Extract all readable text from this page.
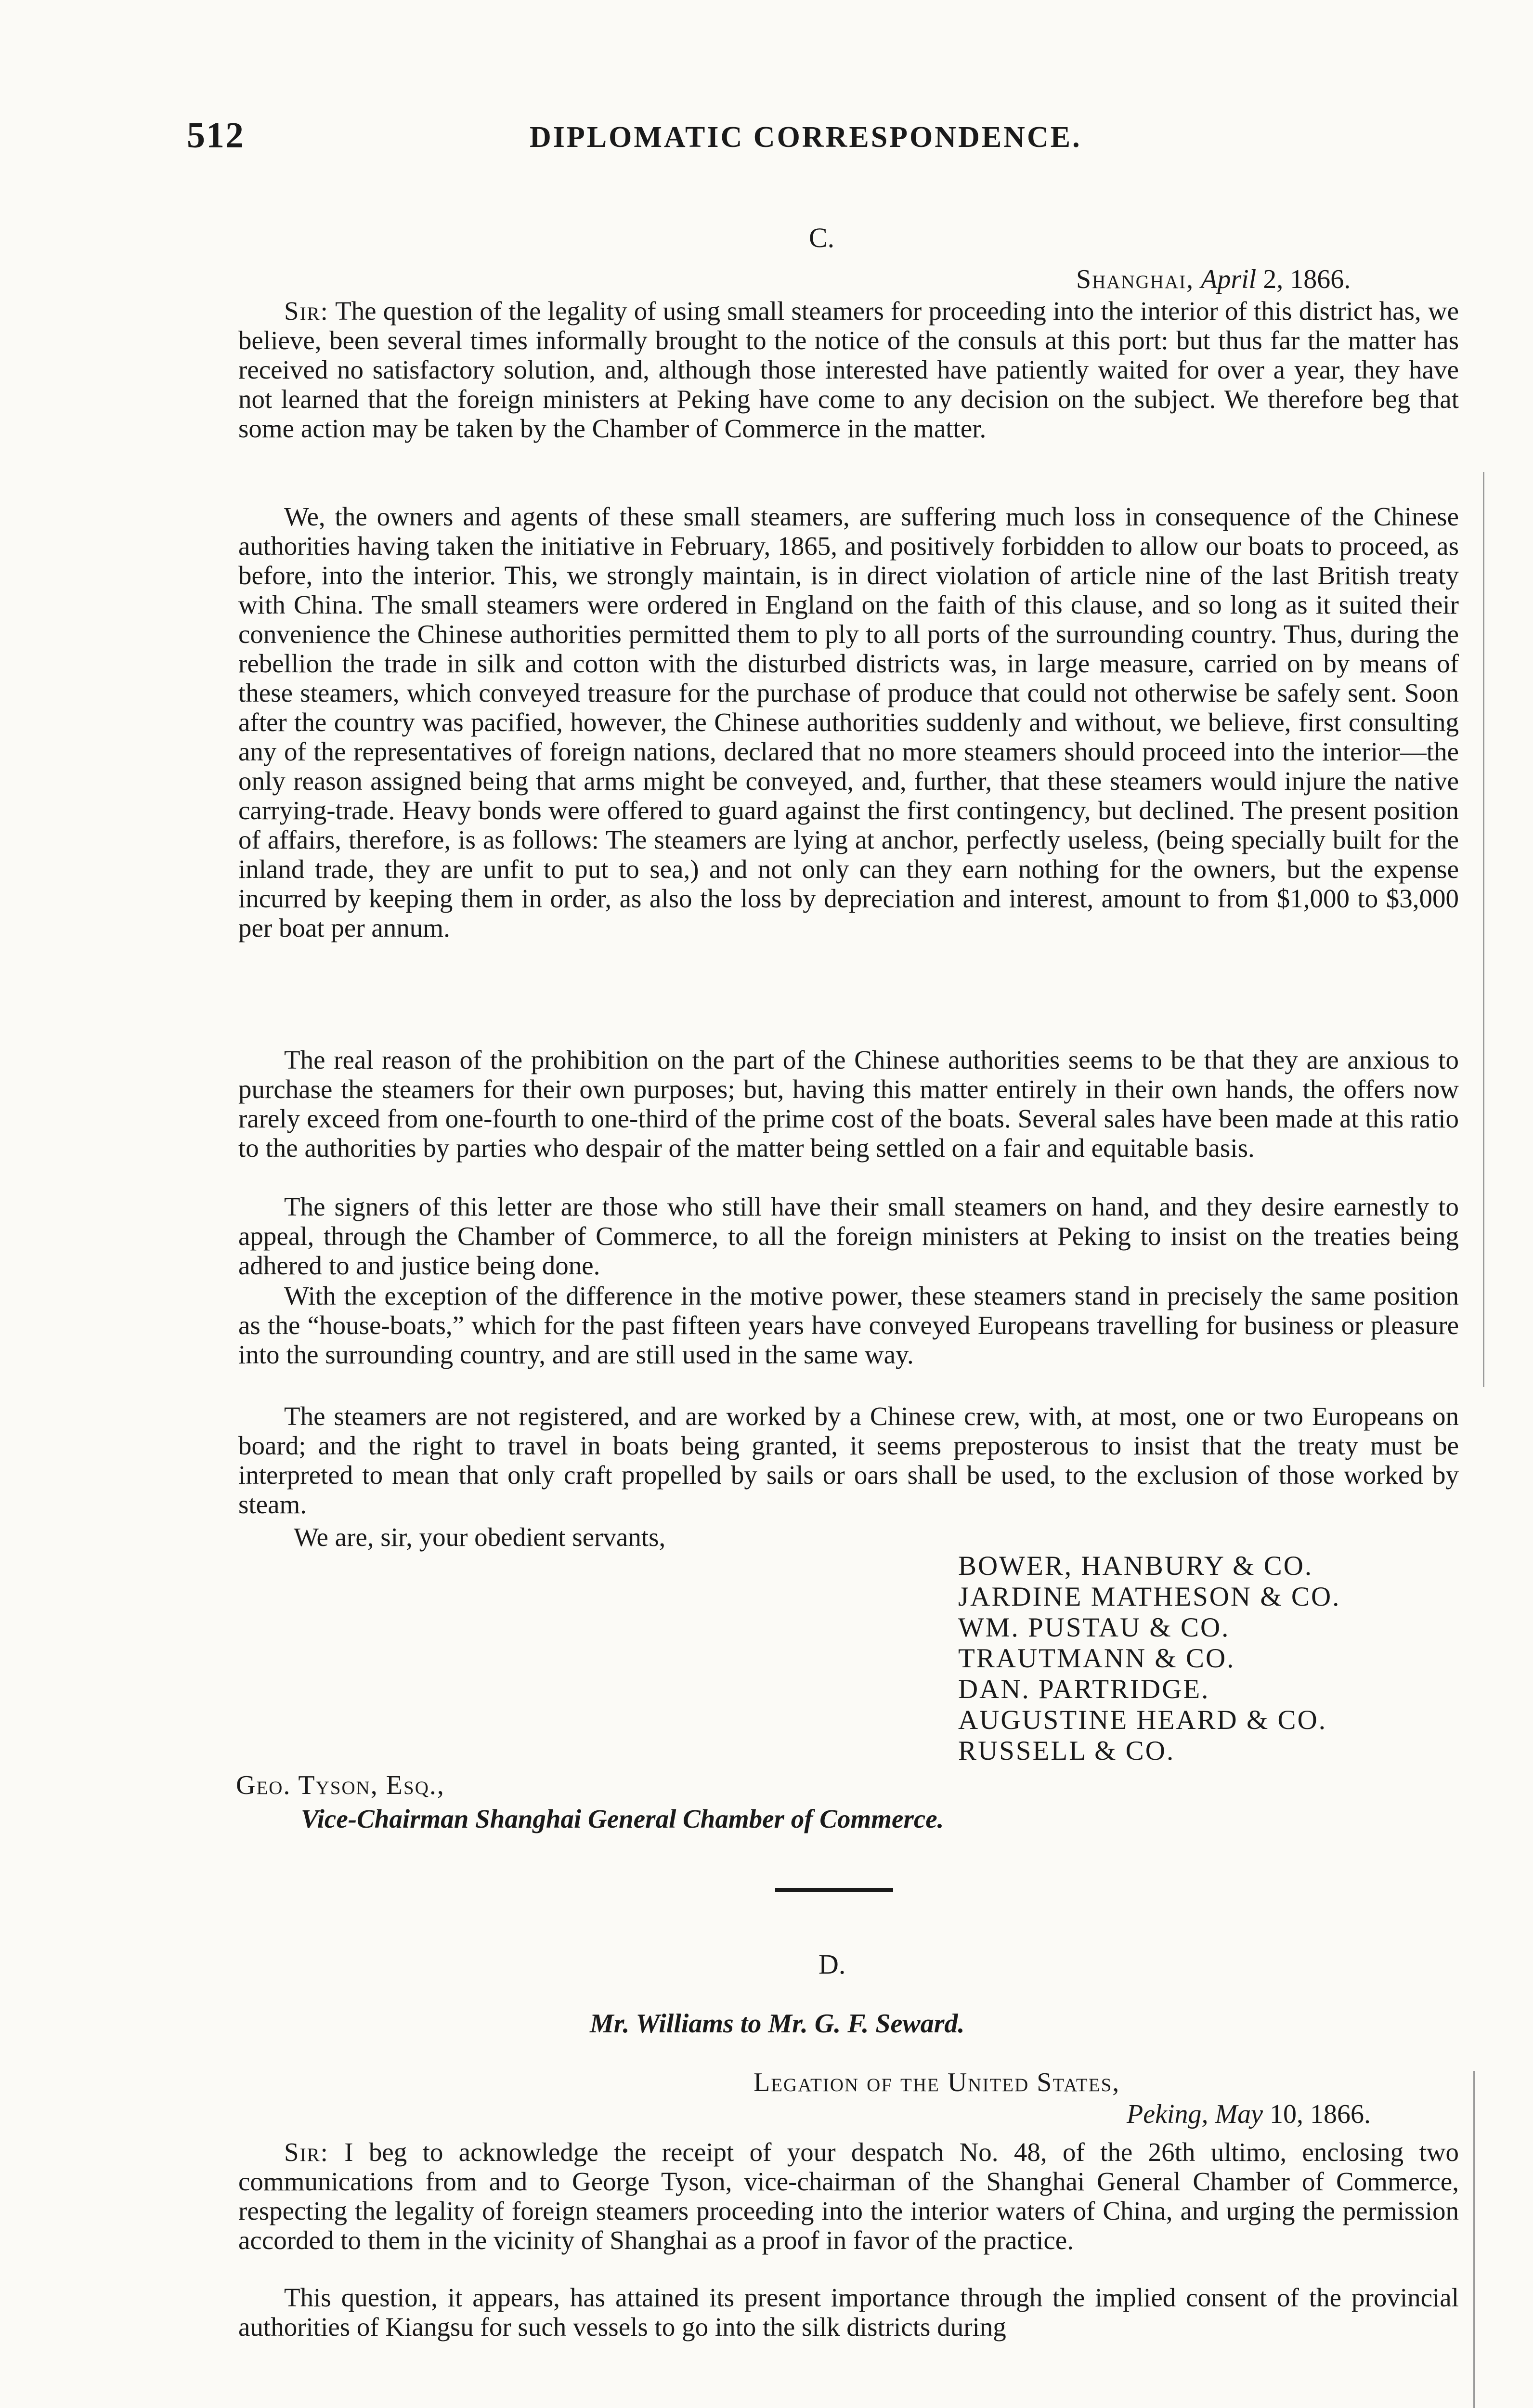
512	DIPLOMATIC CORRESPONDENCE.
C.
Shanghai, April 2, 1866.
Sir: The question of the legality of using small steamers for proceeding into the interior of this district has, we believe, been several times informally brought to the notice of the consuls at this port: but thus far the matter has received no satisfactory solution, and, although those interested have patiently waited for over a year, they have not learned that the foreign ministers at Peking have come to any decision on the subject. We therefore beg that some action may be taken by the Chamber of Commerce in the matter.
We, the owners and agents of these small steamers, are suffering much loss in consequence of the Chinese authorities having taken the initiative in February, 1865, and positively forbidden to allow our boats to proceed, as before, into the interior. This, we strongly maintain, is in direct violation of article nine of the last British treaty with China. The small steamers were ordered in England on the faith of this clause, and so long as it suited their convenience the Chinese authorities permitted them to ply to all ports of the surrounding country. Thus, during the rebellion the trade in silk and cotton with the disturbed districts was, in large measure, carried on by means of these steamers, which conveyed treasure for the purchase of produce that could not otherwise be safely sent. Soon after the country was pacified, however, the Chinese authorities suddenly and without, we believe, first consulting any of the representatives of foreign nations, declared that no more steamers should proceed into the interior—the only reason assigned being that arms might be conveyed, and, further, that these steamers would injure the native carrying-trade. Heavy bonds were offered to guard against the first contingency, but declined. The present position of affairs, therefore, is as follows: The steamers are lying at anchor, perfectly useless, (being specially built for the inland trade, they are unfit to put to sea,) and not only can they earn nothing for the owners, but the expense incurred by keeping them in order, as also the loss by depreciation and interest, amount to from $1,000 to $3,000 per boat per annum.
The real reason of the prohibition on the part of the Chinese authorities seems to be that they are anxious to purchase the steamers for their own purposes; but, having this matter entirely in their own hands, the offers now rarely exceed from one-fourth to one-third of the prime cost of the boats. Several sales have been made at this ratio to the authorities by parties who despair of the matter being settled on a fair and equitable basis.
The signers of this letter are those who still have their small steamers on hand, and they desire earnestly to appeal, through the Chamber of Commerce, to all the foreign ministers at Peking to insist on the treaties being adhered to and justice being done.
With the exception of the difference in the motive power, these steamers stand in precisely the same position as the “house-boats,” which for the past fifteen years have conveyed Europeans travelling for business or pleasure into the surrounding country, and are still used in the same way.
The steamers are not registered, and are worked by a Chinese crew, with, at most, one or two Europeans on board; and the right to travel in boats being granted, it seems preposterous to insist that the treaty must be interpreted to mean that only craft propelled by sails or oars shall be used, to the exclusion of those worked by steam.
We are, sir, your obedient servants,
BOWER, HANBURY & CO.
JARDINE MATHESON & CO.
WM. PUSTAU & CO.
TRAUTMANN & CO.
DAN. PARTRIDGE.
AUGUSTINE HEARD & CO.
RUSSELL & CO.
Geo. Tyson, Esq.,
Vice-Chairman Shanghai General Chamber of Commerce.
D.
Mr. Williams to Mr. G. F. Seward.
Legation of the United States,
Peking, May 10, 1866.
Sir: I beg to acknowledge the receipt of your despatch No. 48, of the 26th ultimo, enclosing two communications from and to George Tyson, vice-chairman of the Shanghai General Chamber of Commerce, respecting the legality of foreign steamers proceeding into the interior waters of China, and urging the permission accorded to them in the vicinity of Shanghai as a proof in favor of the practice.
This question, it appears, has attained its present importance through the implied consent of the provincial authorities of Kiangsu for such vessels to go into the silk districts during
